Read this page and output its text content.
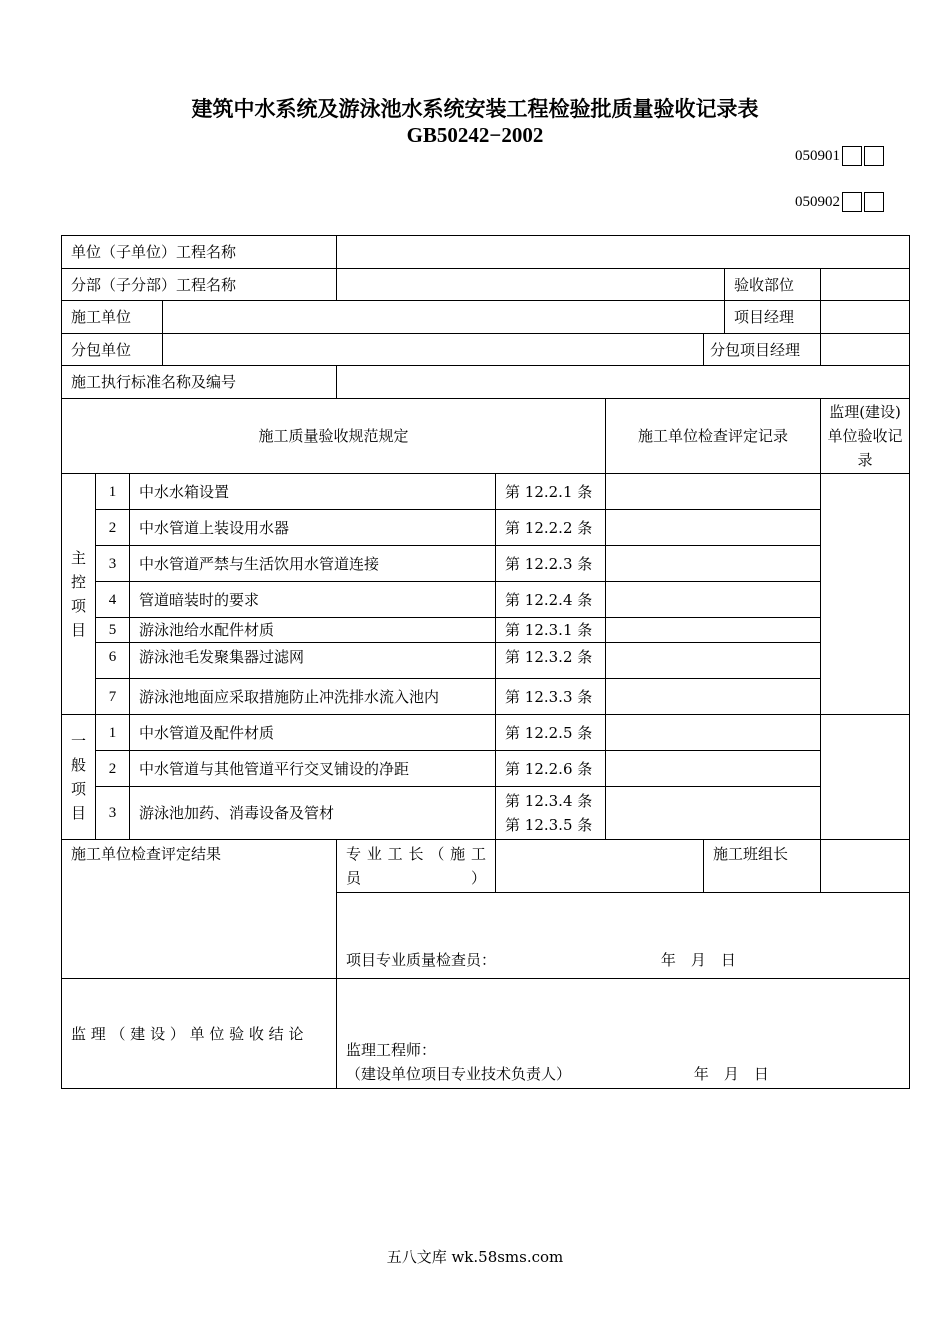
建筑中水系统及游泳池水系统安装工程检验批质量验收记录表
GB50242−2002
050901
050902
单位（子单位）工程名称									
分部（子分部）工程名称								验收部位	
施工单位								项目经理	
分包单位							分包项目经理		
施工执行标准名称及编号									
施工质量验收规范规定						施工单位检查评定记录			监理(建设)单位验收记录

主控项目	1	中水水箱设置			第 12.2.1 条				
	2	中水管道上装设用水器			第 12.2.2 条				
	3	中水管道严禁与生活饮用水管道连接			第 12.2.3 条				
	4	管道暗装时的要求			第 12.2.4 条				
	5	游泳池给水配件材质			第 12.3.1 条				
	6	游泳池毛发聚集器过滤网			第 12.3.2 条				
	7	游泳池地面应采取措施防止冲洗排水流入池内			第 12.3.3 条				

一般项目	1	中水管道及配件材质			第 12.2.5 条				
	2	中水管道与其他管道平行交叉铺设的净距			第 12.2.6 条				
	3	游泳池加药、消毒设备及管材			第 12.3.4 条
第 12.3.5 条				

施工单位检查评定结果				专 业 工 长 （ 施 工 员）			施工班组长		
				项目专业质量检查员： 年　月　日					
监 理 （ 建 设 ） 单 位 验 收 结 论				监理工程师：
（建设单位项目专业技术负责人） 年　月　日					
五八文库 wk.58sms.com
